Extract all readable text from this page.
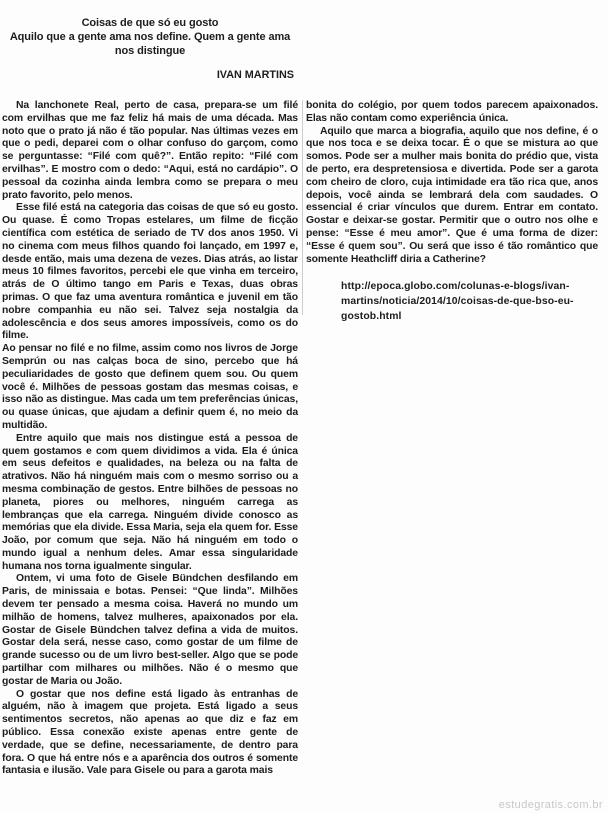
Coisas de que só eu gosto
Aquilo que a gente ama nos define. Quem a gente ama nos distingue
IVAN MARTINS

Na lanchonete Real, perto de casa, prepara-se um filé com ervilhas que me faz feliz há mais de uma década. Mas noto que o prato já não é tão popular. Nas últimas vezes em que o pedi, deparei com o olhar confuso do garçom, como se perguntasse: “Filé com quê?”. Então repito: “Filé com ervilhas”. E mostro com o dedo: “Aqui, está no cardápio”. O pessoal da cozinha ainda lembra como se prepara o meu prato favorito, pelo menos.

Esse filé está na categoria das coisas de que só eu gosto. Ou quase. É como Tropas estelares, um filme de ficção científica com estética de seriado de TV dos anos 1950. Vi no cinema com meus filhos quando foi lançado, em 1997 e, desde então, mais uma dezena de vezes. Dias atrás, ao listar meus 10 filmes favoritos, percebi ele que vinha em terceiro, atrás de O último tango em Paris e Texas, duas obras primas. O que faz uma aventura romântica e juvenil em tão nobre companhia eu não sei. Talvez seja nostalgia da adolescência e dos seus amores impossíveis, como os do filme.

Ao pensar no filé e no filme, assim como nos livros de Jorge Semprún ou nas calças boca de sino, percebo que há peculiaridades de gosto que definem quem sou. Ou quem você é. Milhões de pessoas gostam das mesmas coisas, e isso não as distingue. Mas cada um tem preferências únicas, ou quase únicas, que ajudam a definir quem é, no meio da multidão.

Entre aquilo que mais nos distingue está a pessoa de quem gostamos e com quem dividimos a vida. Ela é única em seus defeitos e qualidades, na beleza ou na falta de atrativos. Não há ninguém mais com o mesmo sorriso ou a mesma combinação de gestos. Entre bilhões de pessoas no planeta, piores ou melhores, ninguém carrega as lembranças que ela carrega. Ninguém divide conosco as memórias que ela divide. Essa Maria, seja ela quem for. Esse João, por comum que seja. Não há ninguém em todo o mundo igual a nenhum deles. Amar essa singularidade humana nos torna igualmente singular.

Ontem, vi uma foto de Gisele Bündchen desfilando em Paris, de minissaia e botas. Pensei: “Que linda”. Milhões devem ter pensado a mesma coisa. Haverá no mundo um milhão de homens, talvez mulheres, apaixonados por ela. Gostar de Gisele Bündchen talvez defina a vida de muitos. Gostar dela será, nesse caso, como gostar de um filme de grande sucesso ou de um livro best-seller. Algo que se pode partilhar com milhares ou milhões. Não é o mesmo que gostar de Maria ou João.

O gostar que nos define está ligado às entranhas de alguém, não à imagem que projeta. Está ligado a seus sentimentos secretos, não apenas ao que diz e faz em público. Essa conexão existe apenas entre gente de verdade, que se define, necessariamente, de dentro para fora. O que há entre nós e a aparência dos outros é somente fantasia e ilusão. Vale para Gisele ou para a garota mais

bonita do colégio, por quem todos parecem apaixonados. Elas não contam como experiência única.

Aquilo que marca a biografia, aquilo que nos define, é o que nos toca e se deixa tocar. É o que se mistura ao que somos. Pode ser a mulher mais bonita do prédio que, vista de perto, era despretensiosa e divertida. Pode ser a garota com cheiro de cloro, cuja intimidade era tão rica que, anos depois, você ainda se lembrará dela com saudades. O essencial é criar vínculos que durem. Entrar em contato. Gostar e deixar-se gostar. Permitir que o outro nos olhe e pense: “Esse é meu amor”. Que é uma forma de dizer: “Esse é quem sou”. Ou será que isso é tão romântico que somente Heathcliff diria a Catherine?

http://epoca.globo.com/colunas-e-blogs/ivan-martins/noticia/2014/10/coisas-de-que-bso-eu-gostob.html
estudegratis.com.br
